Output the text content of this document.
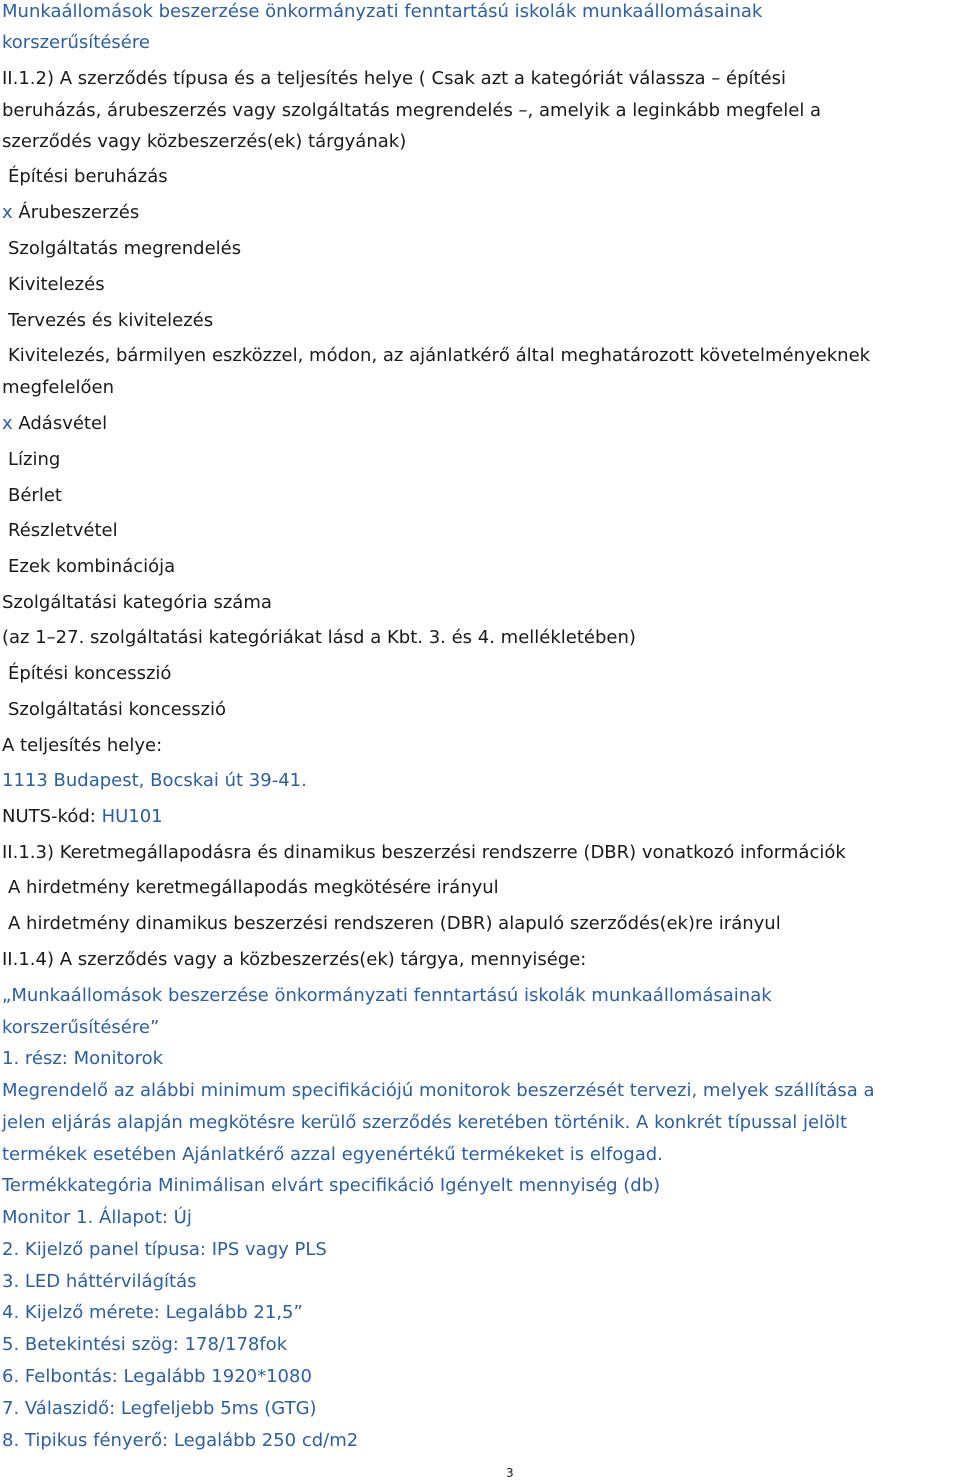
Munkaállomások beszerzése önkormányzati fenntartású iskolák munkaállomásainak
korszerűsítésére
II.1.2) A szerződés típusa és a teljesítés helye ( Csak azt a kategóriát válassza – építési
beruházás, árubeszerzés vagy szolgáltatás megrendelés –, amelyik a leginkább megfelel a
szerződés vagy közbeszerzés(ek) tárgyának)
Építési beruházás
x Árubeszerzés
Szolgáltatás megrendelés
Kivitelezés
Tervezés és kivitelezés
Kivitelezés, bármilyen eszközzel, módon, az ajánlatkérő által meghatározott követelményeknek
megfelelően
x Adásvétel
Lízing
Bérlet
Részletvétel
Ezek kombinációja
Szolgáltatási kategória száma
(az 1–27. szolgáltatási kategóriákat lásd a Kbt. 3. és 4. mellékletében)
Építési koncesszió
Szolgáltatási koncesszió
A teljesítés helye:
1113 Budapest, Bocskai út 39-41.
NUTS-kód: HU101
II.1.3) Keretmegállapodásra és dinamikus beszerzési rendszerre (DBR) vonatkozó információk
A hirdetmény keretmegállapodás megkötésére irányul
A hirdetmény dinamikus beszerzési rendszeren (DBR) alapuló szerződés(ek)re irányul
II.1.4) A szerződés vagy a közbeszerzés(ek) tárgya, mennyisége:
„Munkaállomások beszerzése önkormányzati fenntartású iskolák munkaállomásainak
korszerűsítésére”
1. rész: Monitorok
Megrendelő az alábbi minimum specifikációjú monitorok beszerzését tervezi, melyek szállítása a
jelen eljárás alapján megkötésre kerülő szerződés keretében történik. A konkrét típussal jelölt
termékek esetében Ajánlatkérő azzal egyenértékű termékeket is elfogad.
Termékkategória Minimálisan elvárt specifikáció Igényelt mennyiség (db)
Monitor 1. Állapot: Új
2. Kijelző panel típusa: IPS vagy PLS
3. LED háttérvilágítás
4. Kijelző mérete: Legalább 21,5”
5. Betekintési szög: 178/178fok
6. Felbontás: Legalább 1920*1080
7. Válaszidő: Legfeljebb 5ms (GTG)
8. Tipikus fényerő: Legalább 250 cd/m2
3
